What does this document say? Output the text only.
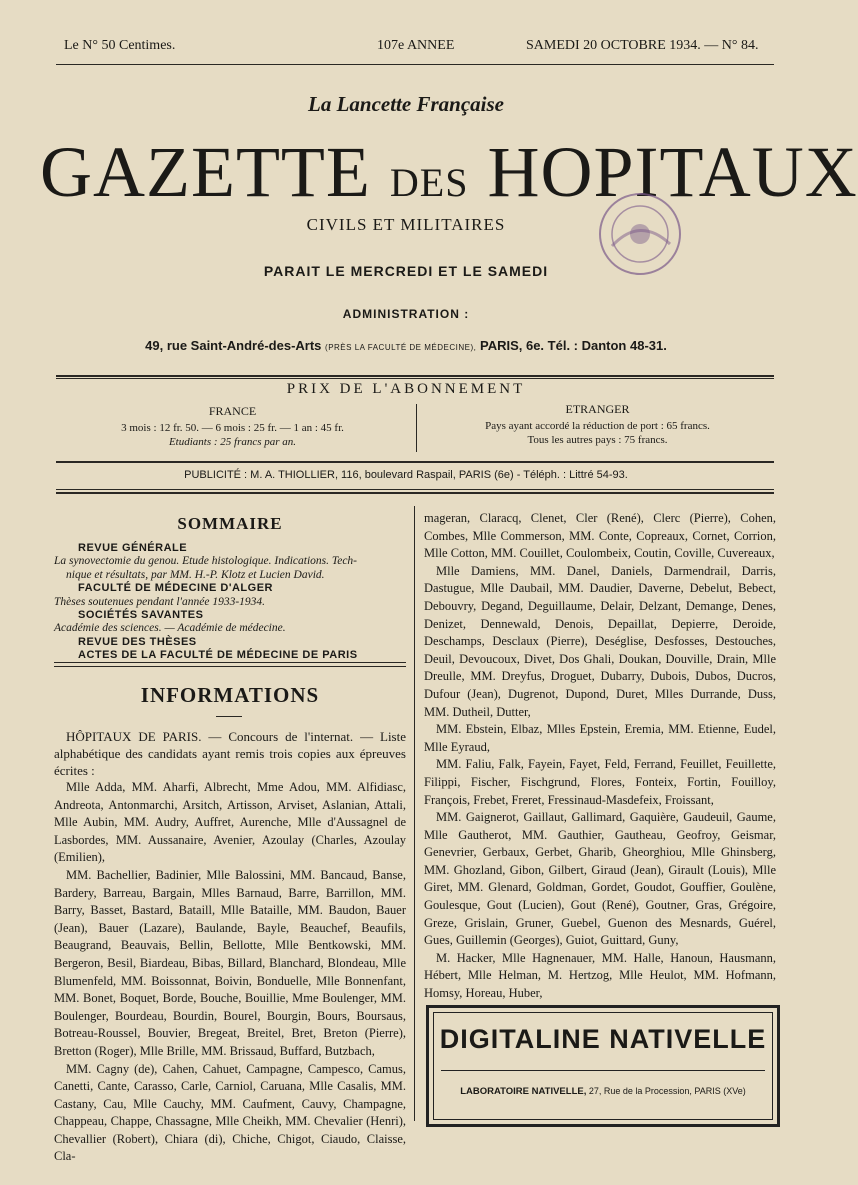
Le N° 50 Centimes.	107e ANNEE	SAMEDI 20 OCTOBRE 1934. — N° 84.
La Lancette Française
GAZETTE DES HOPITAUX
CIVILS ET MILITAIRES
PARAIT LE MERCREDI ET LE SAMEDI
ADMINISTRATION :
49, rue Saint-André-des-Arts (PRÈS LA FACULTÉ DE MÉDECINE), PARIS, 6e. Tél. : Danton 48-31.
PRIX DE L'ABONNEMENT
FRANCE
3 mois : 12 fr. 50. — 6 mois : 25 fr. — 1 an : 45 fr.
Etudiants : 25 francs par an.
ETRANGER
Pays ayant accordé la réduction de port : 65 francs.
Tous les autres pays : 75 francs.
PUBLICITÉ : M. A. THIOLLIER, 116, boulevard Raspail, PARIS (6e) - Téléph. : Littré 54-93.
SOMMAIRE
REVUE GÉNÉRALE
La synovectomie du genou. Etude histologique. Indications. Tech-
nique et résultats, par MM. H.-P. Klotz et Lucien David.
FACULTÉ DE MÉDECINE D'ALGER
Thèses soutenues pendant l'année 1933-1934.
SOCIÉTÉS SAVANTES
Académie des sciences. — Académie de médecine.
REVUE DES THÈSES
ACTES DE LA FACULTÉ DE MÉDECINE DE PARIS
INFORMATIONS

HÔPITAUX DE PARIS. — Concours de l'internat. — Liste alphabétique des candidats ayant remis trois copies aux épreuves écrites :

Mlle Adda, MM. Aharfi, Albrecht, Mme Adou, MM. Alfidiasc, Andreota, Antonmarchi, Arsitch, Artisson, Arviset, Aslanian, Attali, Mlle Aubin, MM. Audry, Auffret, Aurenche, Mlle d'Aussagnel de Lasbordes, MM. Aussanaire, Avenier, Azoulay (Charles, Azoulay (Emilien),

MM. Bachellier, Badinier, Mlle Balossini, MM. Bancaud, Banse, Bardery, Barreau, Bargain, Mlles Barnaud, Barre, Barrillon, MM. Barry, Basset, Bastard, Bataill, Mlle Bataille, MM. Baudon, Bauer (Jean), Bauer (Lazare), Baulande, Bayle, Beauchef, Beaufils, Beaugrand, Beauvais, Bellin, Bellotte, Mlle Bentkowski, MM. Bergeron, Besil, Biardeau, Bibas, Billard, Blanchard, Blondeau, Mlle Blumenfeld, MM. Boissonnat, Boivin, Bonduelle, Mlle Bonnenfant, MM. Bonet, Boquet, Borde, Bouche, Bouillie, Mme Boulenger, MM. Boulenger, Bourdeau, Bourdin, Bourel, Bourgin, Bours, Boursaus, Botreau-Roussel, Bouvier, Bregeat, Breitel, Bret, Breton (Pierre), Bretton (Roger), Mlle Brille, MM. Brissaud, Buffard, Butzbach,

MM. Cagny (de), Cahen, Cahuet, Campagne, Campesco, Camus, Canetti, Cante, Carasso, Carle, Carniol, Caruana, Mlle Casalis, MM. Castany, Cau, Mlle Cauchy, MM. Caufment, Cauvy, Champagne, Chappeau, Chappe, Chassagne, Mlle Cheikh, MM. Chevalier (Henri), Chevallier (Robert), Chiara (di), Chiche, Chigot, Ciaudo, Claisse, Cla-

mageran, Claracq, Clenet, Cler (René), Clerc (Pierre), Cohen, Combes, Mlle Commerson, MM. Conte, Copreaux, Cornet, Corrion, Mlle Cotton, MM. Couillet, Coulombeix, Coutin, Coville, Cuvereaux,

Mlle Damiens, MM. Danel, Daniels, Darmendrail, Darris, Dastugue, Mlle Daubail, MM. Daudier, Daverne, Debelut, Bebect, Debouvry, Degand, Deguillaume, Delair, Delzant, Demange, Denes, Denizet, Dennewald, Denois, Depaillat, Depierre, Deroide, Deschamps, Desclaux (Pierre), Deséglise, Desfosses, Destouches, Deuil, Devoucoux, Divet, Dos Ghali, Doukan, Douville, Drain, Mlle Dreulle, MM. Dreyfus, Droguet, Dubarry, Dubois, Dubos, Ducros, Dufour (Jean), Dugrenot, Dupond, Duret, Mlles Durrande, Duss, MM. Dutheil, Dutter,

MM. Ebstein, Elbaz, Mlles Epstein, Eremia, MM. Etienne, Eudel, Mlle Eyraud,

MM. Faliu, Falk, Fayein, Fayet, Feld, Ferrand, Feuillet, Feuillette, Filippi, Fischer, Fischgrund, Flores, Fonteix, Fortin, Fouilloy, François, Frebet, Freret, Fressinaud-Masdefeix, Froissant,

MM. Gaignerot, Gaillaut, Gallimard, Gaquière, Gaudeuil, Gaume, Mlle Gautherot, MM. Gauthier, Gautheau, Geofroy, Geismar, Genevrier, Gerbaux, Gerbet, Gharib, Gheorghiou, Mlle Ghinsberg, MM. Ghozland, Gibon, Gilbert, Giraud (Jean), Girault (Louis), Mlle Giret, MM. Glenard, Goldman, Gordet, Goudot, Gouffier, Goulène, Goulesque, Gout (Lucien), Gout (René), Goutner, Gras, Grégoire, Greze, Grislain, Gruner, Guebel, Guenon des Mesnards, Guérel, Gues, Guillemin (Georges), Guiot, Guittard, Guny,

M. Hacker, Mlle Hagnenauer, MM. Halle, Hanoun, Hausmann, Hébert, Mlle Helman, M. Hertzog, Mlle Heulot, MM. Hofmann, Homsy, Horeau, Huber,

DIGITALINE NATIVELLE
LABORATOIRE NATIVELLE, 27, Rue de la Procession, PARIS (XVe)
